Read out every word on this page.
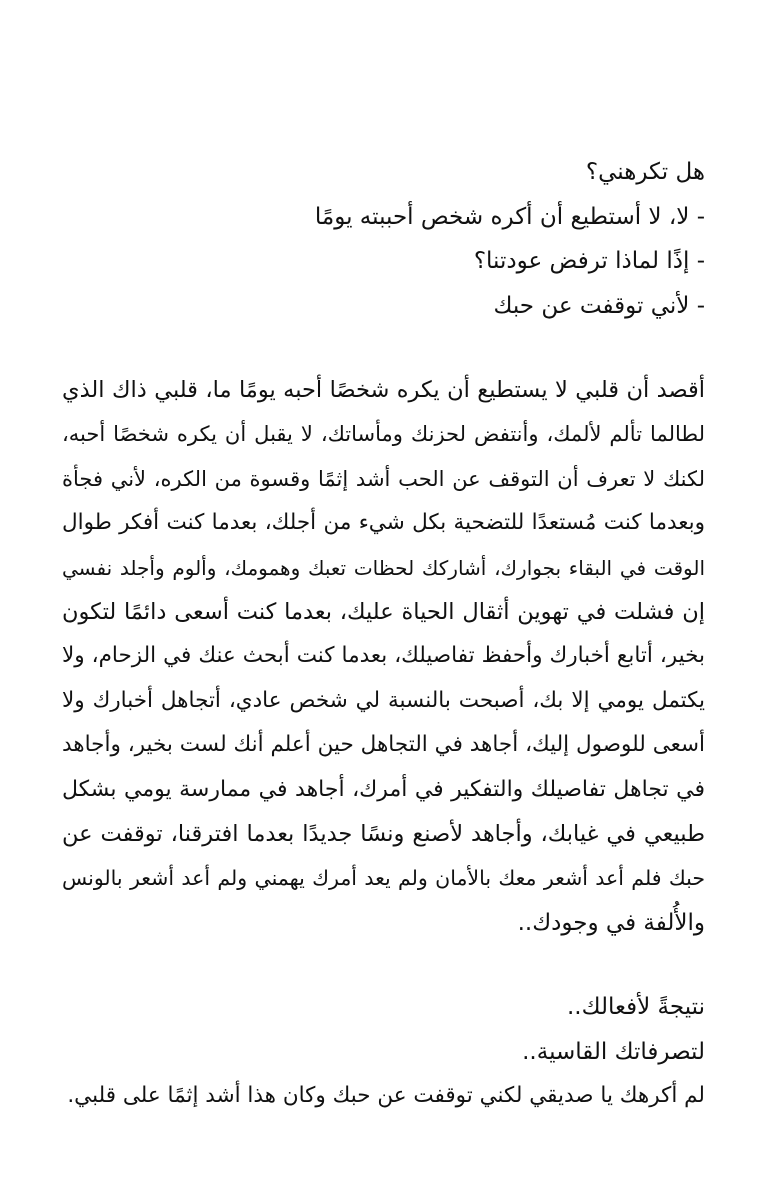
هل تكرهني؟
- لا، لا أستطيع أن أكره شخص أحببته يومًا
- إذًا لماذا ترفض عودتنا؟
- لأني توقفت عن حبك
أقصد أن قلبي لا يستطيع أن يكره شخصًا أحبه يومًا ما، قلبي ذاك الذي
لطالما تألم لألمك، وأنتفض لحزنك ومأساتك، لا يقبل أن يكره شخصًا أحبه،
لكنك لا تعرف أن التوقف عن الحب أشد إثمًا وقسوة من الكره، لأني فجأة
وبعدما كنت مُستعدًا للتضحية بكل شيء من أجلك، بعدما كنت أفكر طوال
الوقت في البقاء بجوارك، أشاركك لحظات تعبك وهمومك، وألوم وأجلد نفسي
إن فشلت في تهوين أثقال الحياة عليك، بعدما كنت أسعى دائمًا لتكون
بخير، أتابع أخبارك وأحفظ تفاصيلك، بعدما كنت أبحث عنك في الزحام، ولا
يكتمل يومي إلا بك، أصبحت بالنسبة لي شخص عادي، أتجاهل أخبارك ولا
أسعى للوصول إليك، أجاهد في التجاهل حين أعلم أنك لست بخير، وأجاهد
في تجاهل تفاصيلك والتفكير في أمرك، أجاهد في ممارسة يومي بشكل
طبيعي في غيابك، وأجاهد لأصنع ونسًا جديدًا بعدما افترقنا، توقفت عن
حبك فلم أعد أشعر معك بالأمان ولم يعد أمرك يهمني ولم أعد أشعر بالونس
والأُلفة في وجودك..
نتيجةً لأفعالك..
لتصرفاتك القاسية..
لم أكرهك يا صديقي لكني توقفت عن حبك وكان هذا أشد إثمًا على قلبي.
